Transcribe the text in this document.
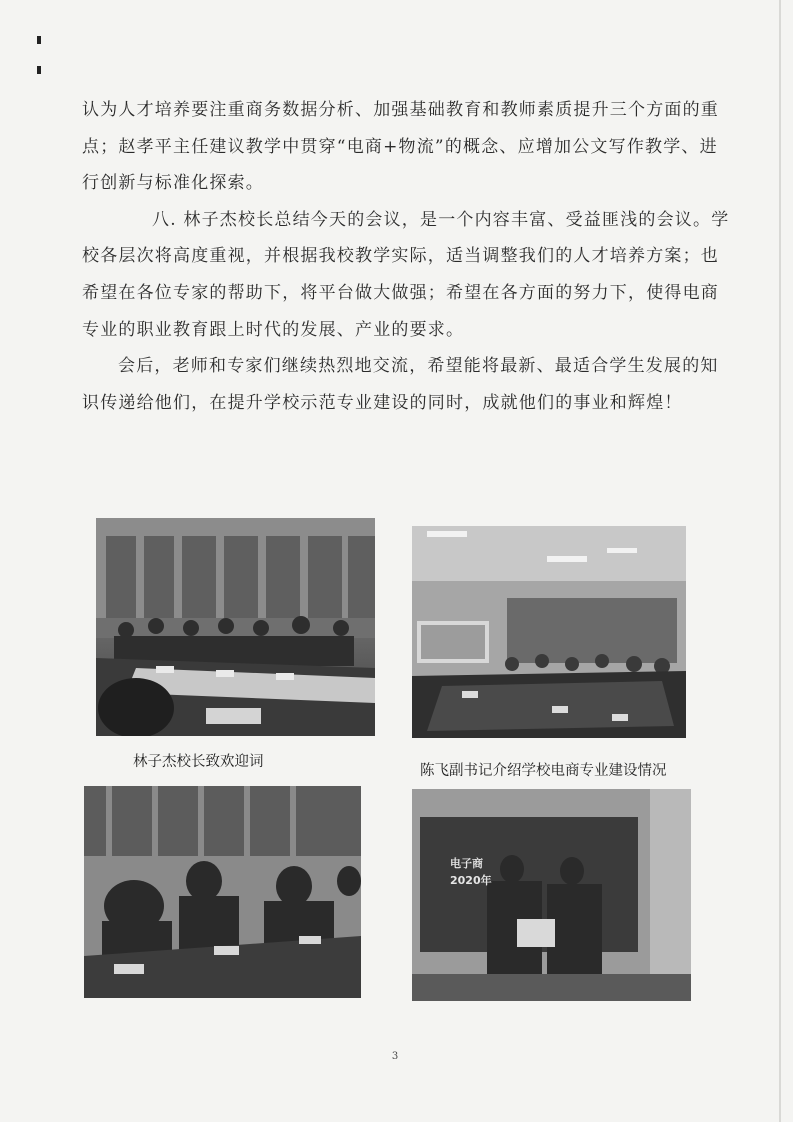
认为人才培养要注重商务数据分析、加强基础教育和教师素质提升三个方面的重点；赵孝平主任建议教学中贯穿“电商+物流”的概念、应增加公文写作教学、进行创新与标准化探索。

八. 林子杰校长总结今天的会议，是一个内容丰富、受益匪浅的会议。学校各层次将高度重视，并根据我校教学实际，适当调整我们的人才培养方案；也希望在各位专家的帮助下，将平台做大做强；希望在各方面的努力下，使得电商专业的职业教育跟上时代的发展、产业的要求。

会后，老师和专家们继续热烈地交流，希望能将最新、最适合学生发展的知识传递给他们，在提升学校示范专业建设的同时，成就他们的事业和辉煌！

林子杰校长致欢迎词
陈飞副书记介绍学校电商专业建设情况
电子商
2020年
3
